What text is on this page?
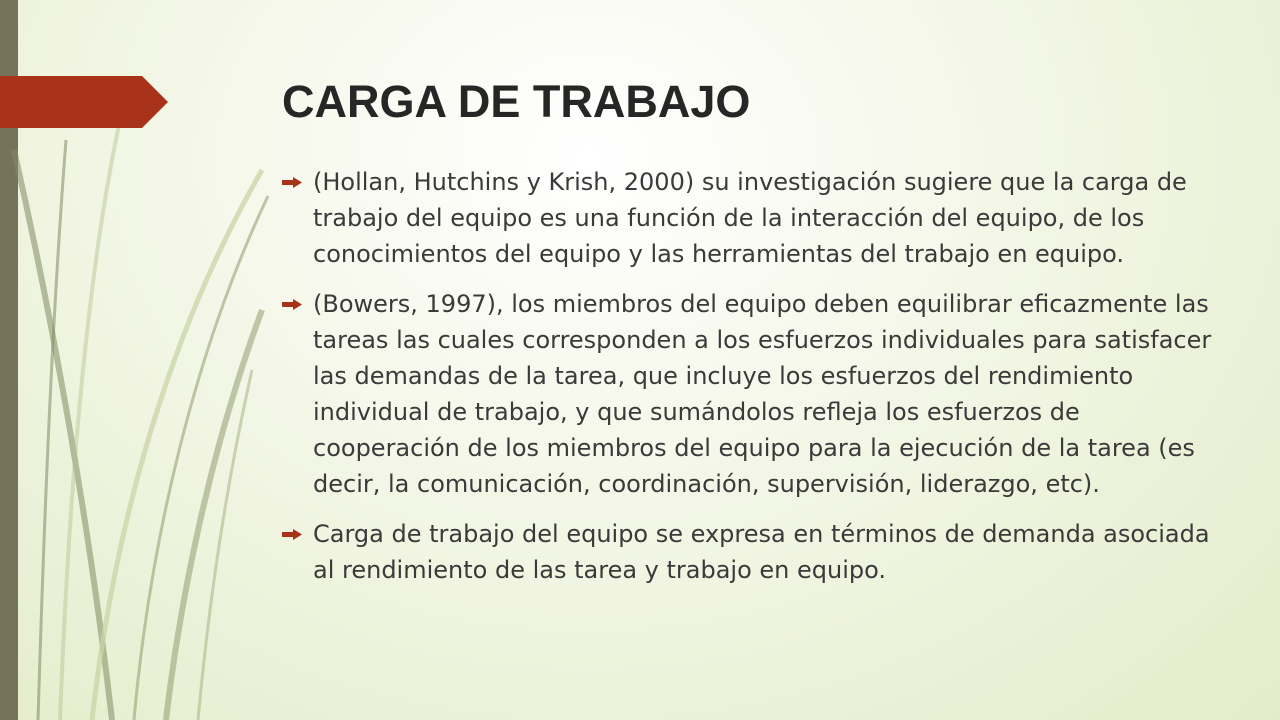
CARGA DE TRABAJO
(Hollan, Hutchins y Krish, 2000) su investigación sugiere que la carga de trabajo del equipo es una función de la interacción del equipo, de los conocimientos del equipo y las herramientas del trabajo en equipo.
(Bowers, 1997), los miembros del equipo deben equilibrar eficazmente las tareas las cuales corresponden a los esfuerzos individuales para satisfacer las demandas de la tarea, que incluye los esfuerzos del rendimiento individual de trabajo, y que sumándolos refleja los esfuerzos de cooperación de los miembros del equipo para la ejecución de la tarea (es decir, la comunicación, coordinación, supervisión, liderazgo, etc).
Carga de trabajo del equipo se expresa en términos de demanda asociada al rendimiento de las tarea y trabajo en equipo.
